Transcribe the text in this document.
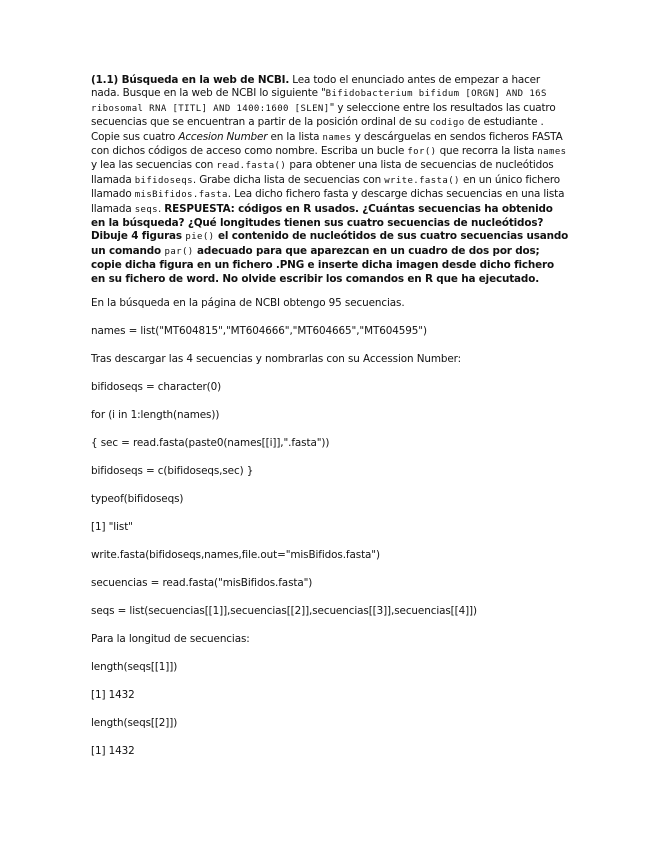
(1.1) Búsqueda en la web de NCBI. Lea todo el enunciado antes de empezar a hacer nada. Busque en la web de NCBI lo siguiente "Bifidobacterium bifidum [ORGN] AND 16S ribosomal RNA [TITL] AND 1400:1600 [SLEN]" y seleccione entre los resultados las cuatro secuencias que se encuentran a partir de la posición ordinal de su codigo de estudiante . Copie sus cuatro Accesion Number en la lista names y descárguelas en sendos ficheros FASTA con dichos códigos de acceso como nombre. Escriba un bucle for() que recorra la lista names y lea las secuencias con read.fasta() para obtener una lista de secuencias de nucleótidos llamada bifidoseqs. Grabe dicha lista de secuencias con write.fasta() en un único fichero llamado misBifidos.fasta. Lea dicho fichero fasta y descarge dichas secuencias en una lista llamada seqs. RESPUESTA: códigos en R usados. ¿Cuántas secuencias ha obtenido en la búsqueda? ¿Qué longitudes tienen sus cuatro secuencias de nucleótidos? Dibuje 4 figuras pie() el contenido de nucleótidos de sus cuatro secuencias usando un comando par() adecuado para que aparezcan en un cuadro de dos por dos; copie dicha figura en un fichero .PNG e inserte dicha imagen desde dicho fichero en su fichero de word. No olvide escribir los comandos en R que ha ejecutado.
En la búsqueda en la página de NCBI obtengo 95 secuencias.
names = list("MT604815","MT604666","MT604665","MT604595")
Tras descargar las 4 secuencias y nombrarlas con su Accession Number:
bifidoseqs = character(0)
for (i in 1:length(names))
{ sec = read.fasta(paste0(names[[i]],".fasta"))
bifidoseqs = c(bifidoseqs,sec) }
typeof(bifidoseqs)
[1] "list"
write.fasta(bifidoseqs,names,file.out="misBifidos.fasta")
secuencias = read.fasta("misBifidos.fasta")
seqs = list(secuencias[[1]],secuencias[[2]],secuencias[[3]],secuencias[[4]])
Para la longitud de secuencias:
length(seqs[[1]])
[1] 1432
length(seqs[[2]])
[1] 1432
